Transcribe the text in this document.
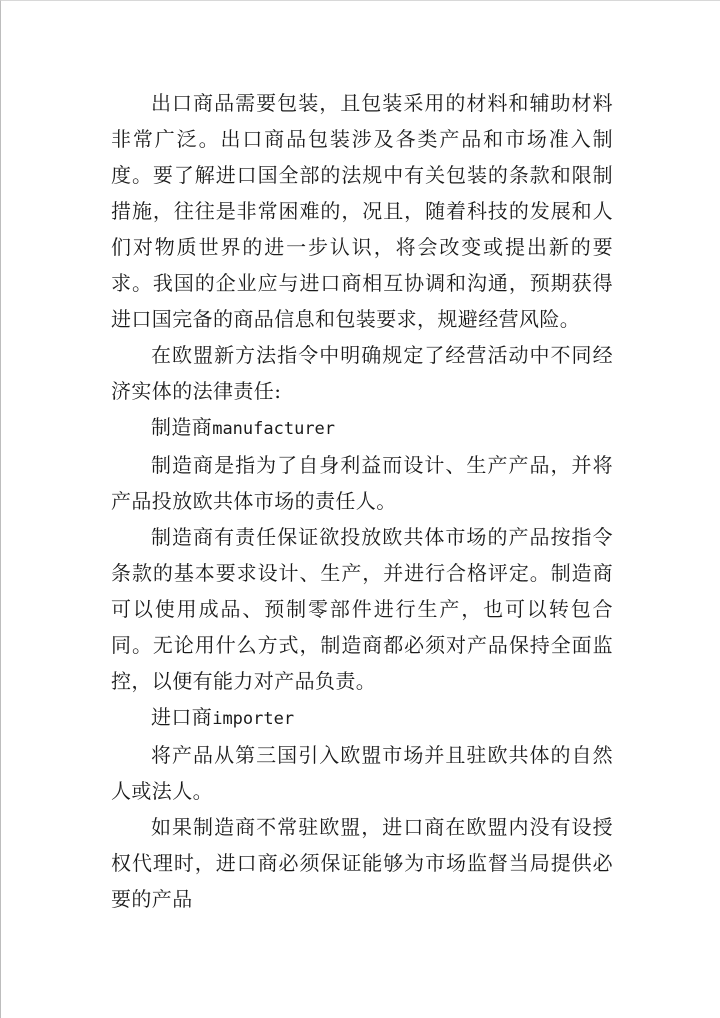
出口商品需要包装，且包装采用的材料和辅助材料非常广泛。出口商品包装涉及各类产品和市场准入制度。要了解进口国全部的法规中有关包装的条款和限制措施，往往是非常困难的，况且，随着科技的发展和人们对物质世界的进一步认识，将会改变或提出新的要求。我国的企业应与进口商相互协调和沟通，预期获得进口国完备的商品信息和包装要求，规避经营风险。

在欧盟新方法指令中明确规定了经营活动中不同经济实体的法律责任:

制造商manufacturer

制造商是指为了自身利益而设计、生产产品，并将产品投放欧共体市场的责任人。

制造商有责任保证欲投放欧共体市场的产品按指令条款的基本要求设计、生产，并进行合格评定。制造商可以使用成品、预制零部件进行生产，也可以转包合同。无论用什么方式，制造商都必须对产品保持全面监控，以便有能力对产品负责。

进口商importer

将产品从第三国引入欧盟市场并且驻欧共体的自然人或法人。

如果制造商不常驻欧盟，进口商在欧盟内没有设授权代理时，进口商必须保证能够为市场监督当局提供必要的产品
